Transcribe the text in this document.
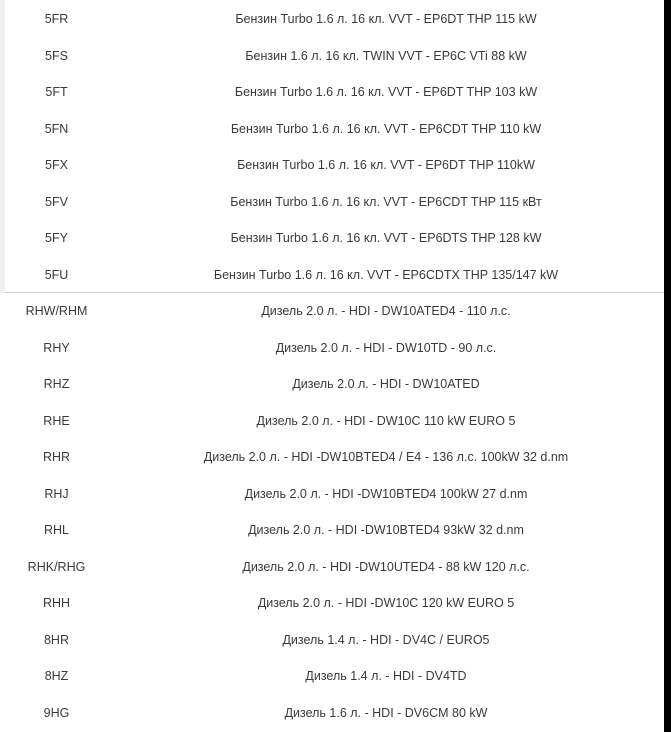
5FR	Бензин Turbo 1.6 л. 16 кл. VVT - EP6DT THP 115 kW
5FS	Бензин 1.6 л. 16 кл. TWIN VVT - EP6C VTi 88 kW
5FT	Бензин Turbo 1.6 л. 16 кл. VVT - EP6DT THP 103 kW
5FN	Бензин Turbo 1.6 л. 16 кл. VVT - EP6CDT THP 110 kW
5FX	Бензин Turbo 1.6 л. 16 кл. VVT - EP6DT THP 110kW
5FV	Бензин Turbo 1.6 л. 16 кл. VVT - EP6CDT THP 115 кВт
5FY	Бензин Turbo 1.6 л. 16 кл. VVT - EP6DTS THP 128 kW
5FU	Бензин Turbo 1.6 л. 16 кл. VVT - EP6CDTX THP 135/147 kW
RHW/RHM	Дизель 2.0 л. - HDI - DW10ATED4 - 110 л.с.
RHY	Дизель 2.0 л. - HDI - DW10TD - 90 л.с.
RHZ	Дизель 2.0 л. - HDI - DW10ATED
RHE	Дизель 2.0 л. - HDI - DW10C 110 kW EURO 5
RHR	Дизель 2.0 л. - HDI -DW10BTED4 / E4 - 136 л.с. 100kW 32 d.nm
RHJ	Дизель 2.0 л. - HDI -DW10BTED4 100kW 27 d.nm
RHL	Дизель 2.0 л. - HDI -DW10BTED4 93kW 32 d.nm
RHK/RHG	Дизель 2.0 л. - HDI -DW10UTED4 - 88 kW 120 л.с.
RHH	Дизель 2.0 л. - HDI -DW10C 120 kW EURO 5
8HR	Дизель 1.4 л. - HDI - DV4C / EURO5
8HZ	Дизель 1.4 л. - HDI - DV4TD
9HG	Дизель 1.6 л. - HDI - DV6CM 80 kW
